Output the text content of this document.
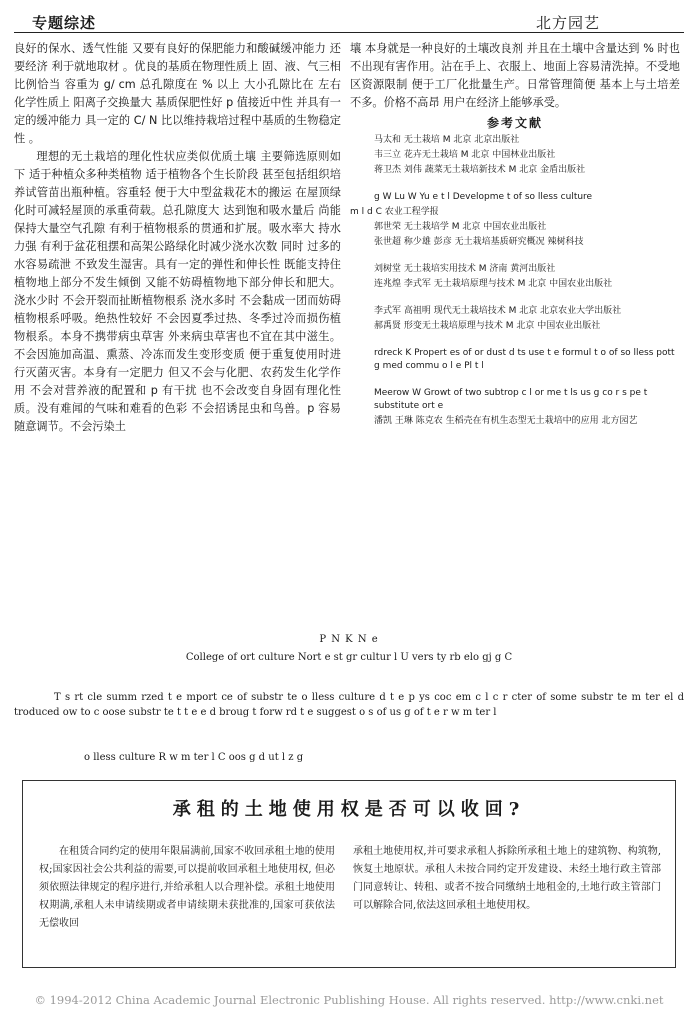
专题综述	北方园艺

良好的保水、透气性能 又要有良好的保肥能力和酸碱缓冲能力 还要经济 利于就地取材 。优良的基质在物理性质上 固、液、气三相比例恰当 容重为 g/ cm 总孔隙度在 % 以上 大小孔隙比在 左右 化学性质上 阳离子交换量大 基质保肥性好 p 值接近中性 并具有一定的缓冲能力 具一定的 C/ N 比以维持栽培过程中基质的生物稳定性 。

理想的无土栽培的理化性状应类似优质土壤 主要筛选原则如下 适于种植众多种类植物 适于植物各个生长阶段 甚至包括组织培养试管苗出瓶种植。容重轻 便于大中型盆栽花木的搬运 在屋顶绿化时可减轻屋顶的承重荷载。总孔隙度大 达到饱和吸水量后 尚能保持大量空气孔隙 有利于植物根系的贯通和扩展。吸水率大 持水力强 有利于盆花租摆和高架公路绿化时减少浇水次数 同时 过多的水容易疏泄 不致发生湿害。具有一定的弹性和伸长性 既能支持住植物地上部分不发生倾倒 又能不妨碍植物地下部分伸长和肥大。浇水少时 不会开裂而扯断植物根系 浇水多时 不会黏成一团而妨碍植物根系呼吸。绝热性较好 不会因夏季过热、冬季过冷而损伤植物根系。本身不携带病虫草害 外来病虫草害也不宜在其中滋生。不会因施加高温、熏蒸、冷冻而发生变形变质 便于重复使用时进行灭菌灭害。本身有一定肥力 但又不会与化肥、农药发生化学作用 不会对营养液的配置和 p 有干扰 也不会改变自身固有理化性质。没有难闻的气味和难看的色彩 不会招诱昆虫和鸟兽。p 容易随意调节。不会污染土

壤 本身就是一种良好的土壤改良剂 并且在土壤中含量达到 % 时也不出现有害作用。沾在手上、衣服上、地面上容易清洗掉。不受地区资源限制 便于工厂化批量生产。日常管理简便 基本上与土培差不多。价格不高昂 用户在经济上能够承受。

参考文献
马太和 无土栽培 M 北京 北京出版社
韦三立 花卉无土栽培 M 北京 中国林业出版社
蒋卫杰 刘伟 蔬菜无土栽培新技术 M 北京 金盾出版社
g W Lu W Yu e t l Developme t of so lless culture
m l d C 农业工程学报
郭世荣 无土栽培学 M 北京 中国农业出版社
张世超 称少雄 彭彦 无土栽培基质研究概况 辣树科技
刘树堂 无土栽培实用技术 M 济南 黄河出版社
连兆煌 李式军 无土栽培原理与技术 M 北京 中国农业出版社
李式军 高祖明 现代无土栽培技术 M 北京 北京农业大学出版社
郝禹贤 形变无土栽培原理与技术 M 北京 中国农业出版社
rdreck K Propert es of or dust d ts use t e formul t o of so lless pott g med commu o l e Pl t l
Meerow W Growt of two subtrop c l or me t ls us g co r s pe t substitute ort e
潘凯 王琳 陈克农 生稻壳在有机生态型无土栽培中的应用 北方园艺
P N K N e
College of ort culture Nort e st gr cultur l U vers ty rb elo gj g C
T s rt cle summ rzed t e mport ce of substr te o lless culture d t e p ys coc em c l c r cter of some substr te m ter el d troduced ow to c oose substr te t t e e d broug t forw rd t e suggest o s of us g of t e r w m ter l
o lless culture R w m ter l C oos g d ut l z g
承租的土地使用权是否可以收回?

在租赁合同约定的使用年限届满前,国家不收回承租土地的使用权;国家因社会公共利益的需要,可以提前收回承租土地使用权, 但必须依照法律规定的程序进行,并给承租人以合理补偿。承租土地使用权期满,承租人未申请续期或者申请续期未获批准的,国家可获依法无偿收回

承租土地使用权,并可要求承租人拆除所承租土地上的建筑物、构筑物,恢复土地原状。承租人未按合同约定开发建设、未经土地行政主管部门同意转让、转租、或者不按合同缴纳土地租金的,土地行政主管部门可以解除合同,依法这回承租土地使用权。

© 1994-2012 China Academic Journal Electronic Publishing House. All rights reserved. http://www.cnki.net
